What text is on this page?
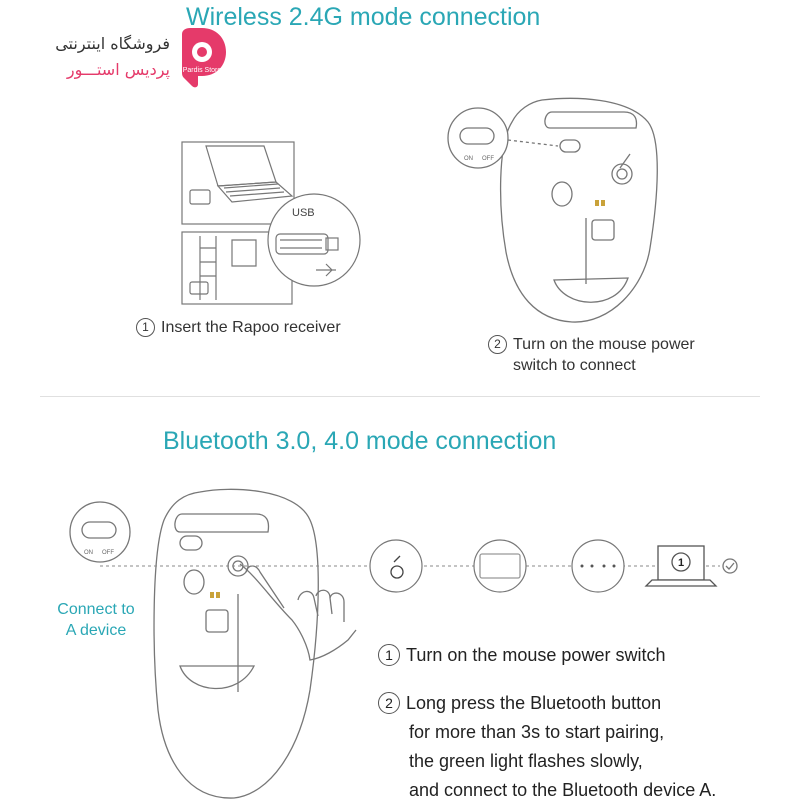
فروشگاه اینترنتی
پردیس استـــور Pardis Store
Wireless 2.4G mode connection
USB
ON OFF
1 Insert the Rapoo receiver
2 Turn on the mouse power
switch to connect
Bluetooth 3.0, 4.0 mode connection
ON OFF
1
Connect to
A device
1 Turn on the mouse power switch
2 Long press the Bluetooth button
for more than 3s to start pairing,
the green light flashes slowly,
and connect to the Bluetooth device A.
